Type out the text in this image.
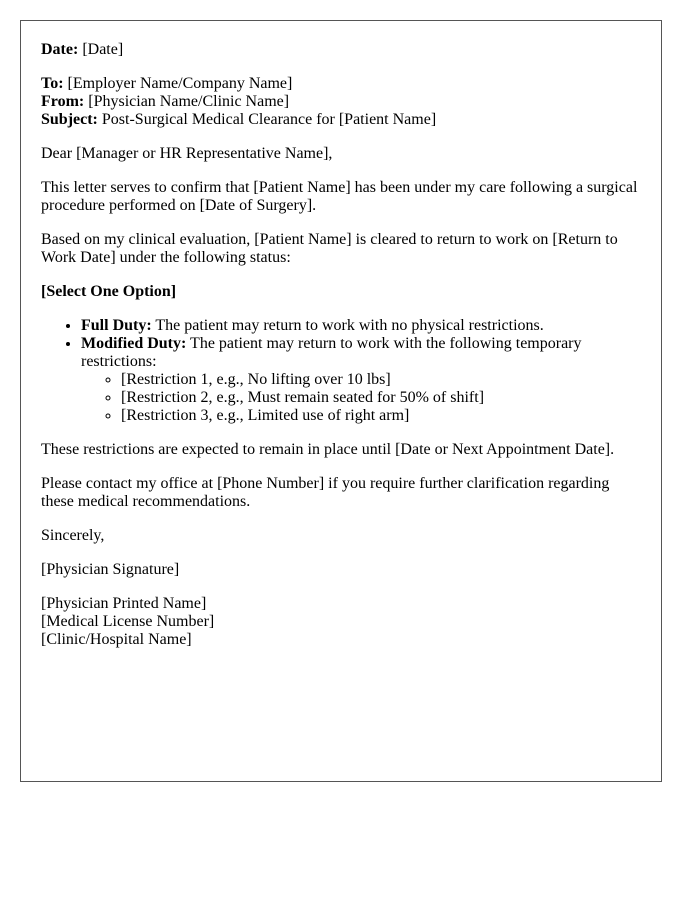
Date: [Date]

To: [Employer Name/Company Name]
From: [Physician Name/Clinic Name]
Subject: Post-Surgical Medical Clearance for [Patient Name]

Dear [Manager or HR Representative Name],

This letter serves to confirm that [Patient Name] has been under my care following a surgical procedure performed on [Date of Surgery].

Based on my clinical evaluation, [Patient Name] is cleared to return to work on [Return to Work Date] under the following status:

[Select One Option]

• Full Duty: The patient may return to work with no physical restrictions.
• Modified Duty: The patient may return to work with the following temporary restrictions:
◦ [Restriction 1, e.g., No lifting over 10 lbs]
◦ [Restriction 2, e.g., Must remain seated for 50% of shift]
◦ [Restriction 3, e.g., Limited use of right arm]

These restrictions are expected to remain in place until [Date or Next Appointment Date].

Please contact my office at [Phone Number] if you require further clarification regarding these medical recommendations.

Sincerely,

[Physician Signature]

[Physician Printed Name]
[Medical License Number]
[Clinic/Hospital Name]
